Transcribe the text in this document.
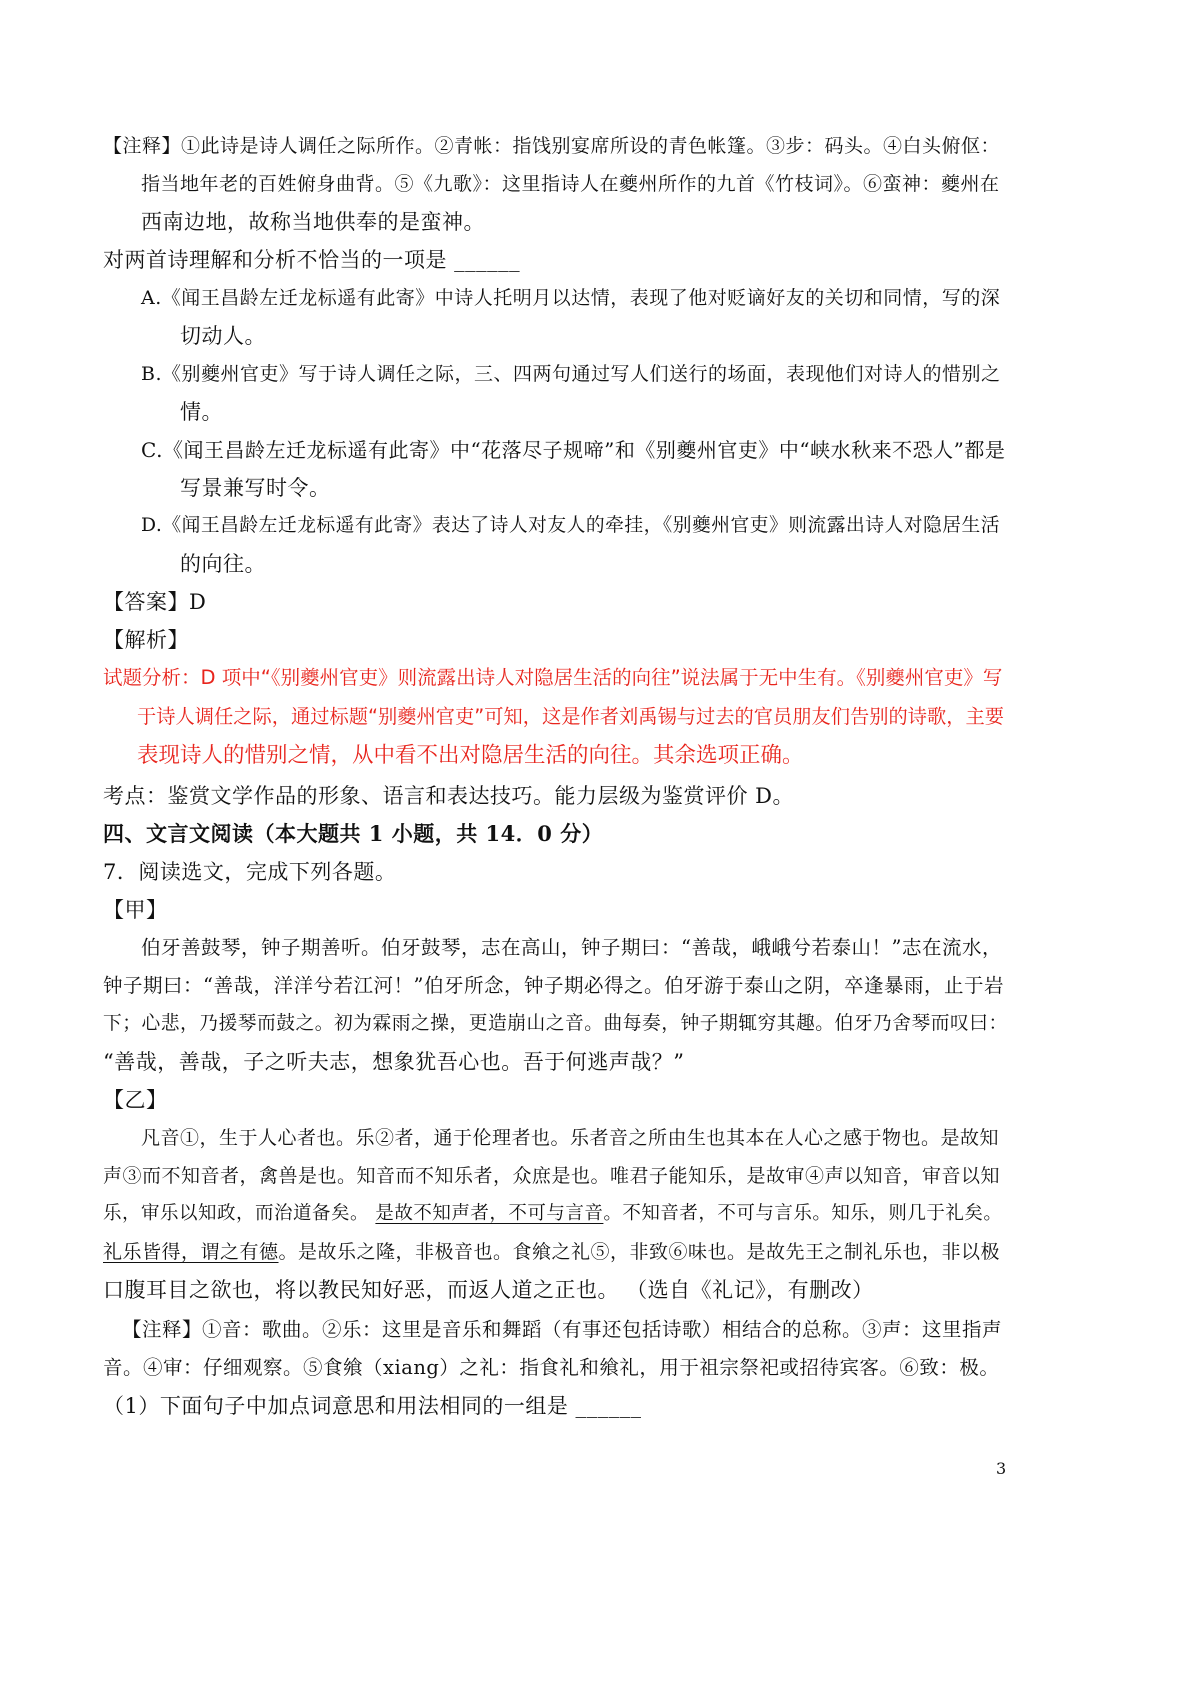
【注释】①此诗是诗人调任之际所作。②青帐：指饯别宴席所设的青色帐篷。③步：码头。④白头俯伛：
指当地年老的百姓俯身曲背。⑤《九歌》：这里指诗人在夔州所作的九首《竹枝词》。⑥蛮神：夔州在
西南边地，故称当地供奉的是蛮神。
对两首诗理解和分析不恰当的一项是 ______
A.《闻王昌龄左迁龙标遥有此寄》中诗人托明月以达情，表现了他对贬谪好友的关切和同情，写的深
切动人。
B.《别夔州官吏》写于诗人调任之际，三、四两句通过写人们送行的场面，表现他们对诗人的惜别之
情。
C.《闻王昌龄左迁龙标遥有此寄》中“花落尽子规啼”和《别夔州官吏》中“峡水秋来不恐人”都是
写景兼写时令。
D.《闻王昌龄左迁龙标遥有此寄》表达了诗人对友人的牵挂，《别夔州官吏》则流露出诗人对隐居生活
的向往。
【答案】D
【解析】
试题分析：D 项中“《别夔州官吏》则流露出诗人对隐居生活的向往”说法属于无中生有。《别夔州官吏》写
于诗人调任之际，通过标题“别夔州官吏”可知，这是作者刘禹锡与过去的官员朋友们告别的诗歌，主要
表现诗人的惜别之情，从中看不出对隐居生活的向往。其余选项正确。
考点：鉴赏文学作品的形象、语言和表达技巧。能力层级为鉴赏评价 D。
四、文言文阅读（本大题共 1 小题，共 14．0 分）
7．阅读选文，完成下列各题。
【甲】
伯牙善鼓琴，钟子期善听。伯牙鼓琴，志在高山，钟子期曰：“善哉，峨峨兮若泰山！”志在流水，
钟子期曰：“善哉，洋洋兮若江河！”伯牙所念，钟子期必得之。伯牙游于泰山之阴，卒逢暴雨，止于岩
下；心悲，乃援琴而鼓之。初为霖雨之操，更造崩山之音。曲每奏，钟子期辄穷其趣。伯牙乃舍琴而叹曰：
“善哉，善哉，子之听夫志，想象犹吾心也。吾于何逃声哉？”
【乙】
凡音①，生于人心者也。乐②者，通于伦理者也。乐者音之所由生也其本在人心之感于物也。是故知
声③而不知音者，禽兽是也。知音而不知乐者，众庶是也。唯君子能知乐，是故审④声以知音，审音以知
乐，审乐以知政，而治道备矣。 是故不知声者，不可与言音。不知音者，不可与言乐。知乐，则几于礼矣。
礼乐皆得，谓之有德。是故乐之隆，非极音也。食飨之礼⑤，非致⑥味也。是故先王之制礼乐也，非以极
口腹耳目之欲也，将以教民知好恶，而返人道之正也。 （选自《礼记》，有删改）
【注释】①音：歌曲。②乐：这里是音乐和舞蹈（有事还包括诗歌）相结合的总称。③声：这里指声
音。④审：仔细观察。⑤食飨（xiang）之礼：指食礼和飨礼，用于祖宗祭祀或招待宾客。⑥致：极。
（1）下面句子中加点词意思和用法相同的一组是 ______
3
